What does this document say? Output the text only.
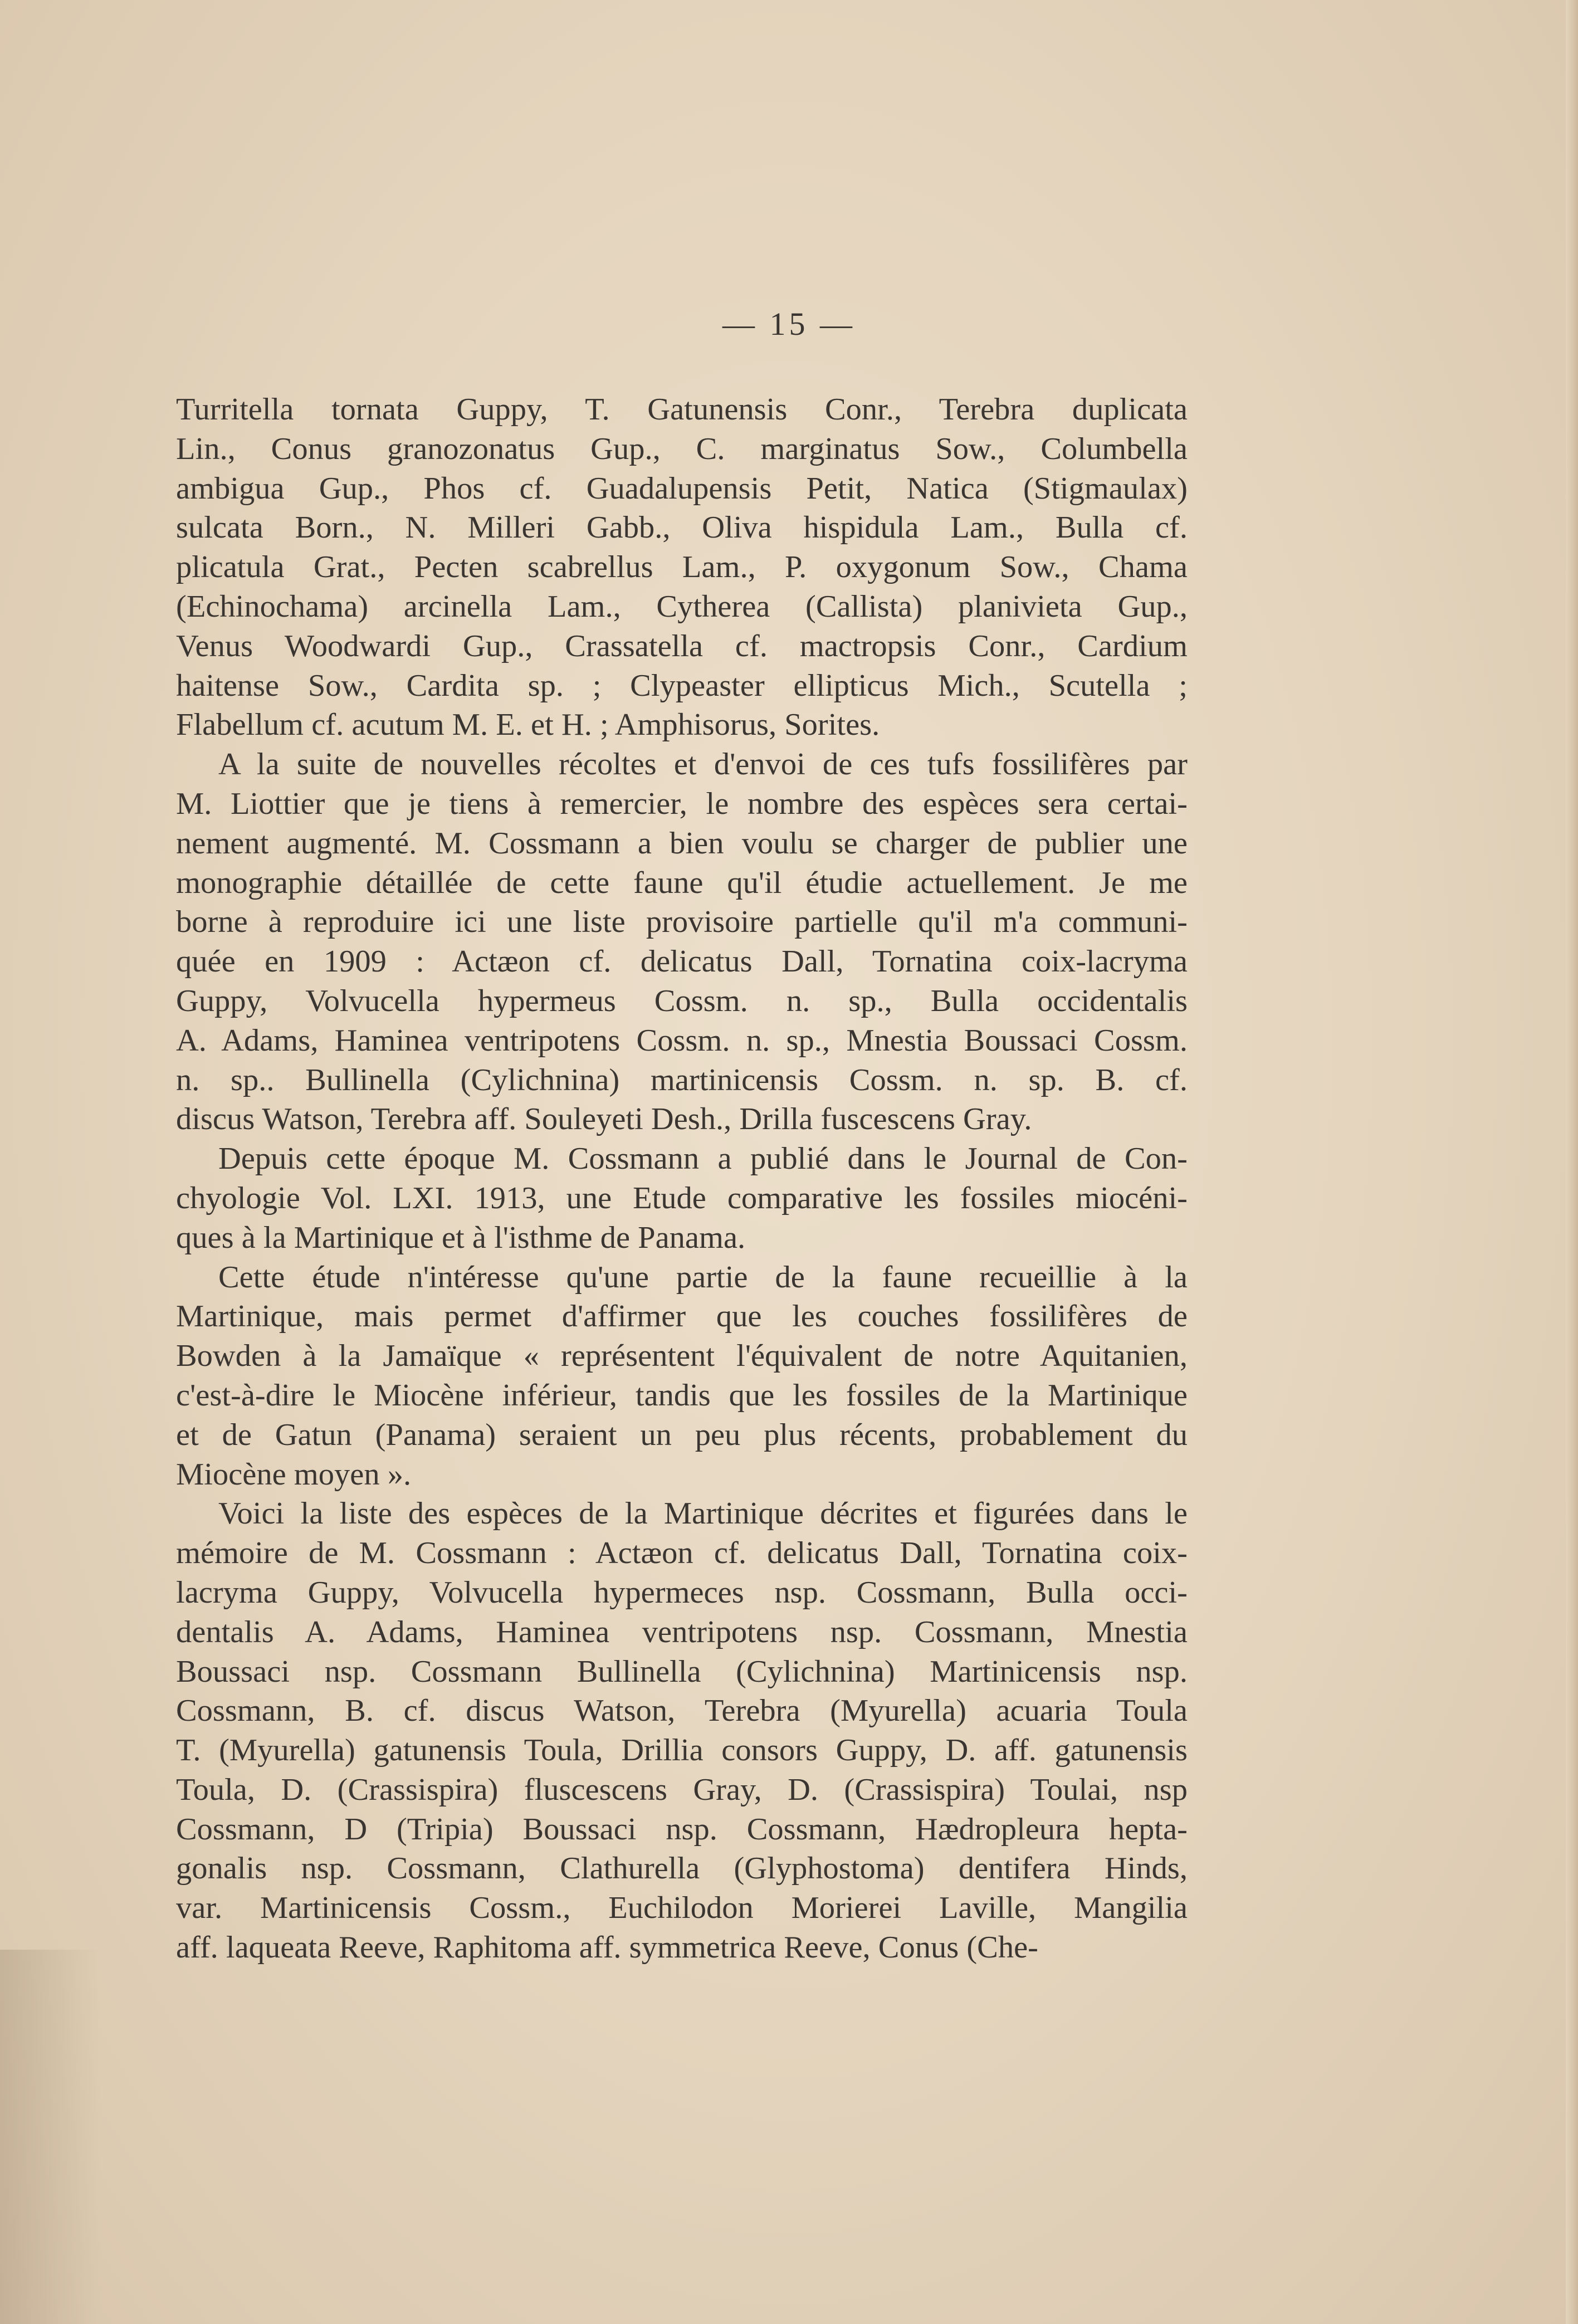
— 15 —
Turritella tornata Guppy, T. Gatunensis Conr., Terebra duplicata
Lin., Conus granozonatus Gup., C. marginatus Sow., Columbella
ambigua Gup., Phos cf. Guadalupensis Petit, Natica (Stigmaulax)
sulcata Born., N. Milleri Gabb., Oliva hispidula Lam., Bulla cf.
plicatula Grat., Pecten scabrellus Lam., P. oxygonum Sow., Chama
(Echinochama) arcinella Lam., Cytherea (Callista) planivieta Gup.,
Venus Woodwardi Gup., Crassatella cf. mactropsis Conr., Cardium
haitense Sow., Cardita sp. ; Clypeaster ellipticus Mich., Scutella ;
Flabellum cf. acutum M. E. et H. ; Amphisorus, Sorites.
A la suite de nouvelles récoltes et d'envoi de ces tufs fossilifères par
M. Liottier que je tiens à remercier, le nombre des espèces sera certai-
nement augmenté. M. Cossmann a bien voulu se charger de publier une
monographie détaillée de cette faune qu'il étudie actuellement. Je me
borne à reproduire ici une liste provisoire partielle qu'il m'a communi-
quée en 1909 : Actæon cf. delicatus Dall, Tornatina coix-lacryma
Guppy, Volvucella hypermeus Cossm. n. sp., Bulla occidentalis
A. Adams, Haminea ventripotens Cossm. n. sp., Mnestia Boussaci Cossm.
n. sp.. Bullinella (Cylichnina) martinicensis Cossm. n. sp. B. cf.
discus Watson, Terebra aff. Souleyeti Desh., Drilla fuscescens Gray.
Depuis cette époque M. Cossmann a publié dans le Journal de Con-
chyologie Vol. LXI. 1913, une Etude comparative les fossiles miocéni-
ques à la Martinique et à l'isthme de Panama.
Cette étude n'intéresse qu'une partie de la faune recueillie à la
Martinique, mais permet d'affirmer que les couches fossilifères de
Bowden à la Jamaïque « représentent l'équivalent de notre Aquitanien,
c'est-à-dire le Miocène inférieur, tandis que les fossiles de la Martinique
et de Gatun (Panama) seraient un peu plus récents, probablement du
Miocène moyen ».
Voici la liste des espèces de la Martinique décrites et figurées dans le
mémoire de M. Cossmann : Actæon cf. delicatus Dall, Tornatina coix-
lacryma Guppy, Volvucella hypermeces nsp. Cossmann, Bulla occi-
dentalis A. Adams, Haminea ventripotens nsp. Cossmann, Mnestia
Boussaci nsp. Cossmann Bullinella (Cylichnina) Martinicensis nsp.
Cossmann, B. cf. discus Watson, Terebra (Myurella) acuaria Toula
T. (Myurella) gatunensis Toula, Drillia consors Guppy, D. aff. gatunensis
Toula, D. (Crassispira) fluscescens Gray, D. (Crassispira) Toulai, nsp
Cossmann, D (Tripia) Boussaci nsp. Cossmann, Hædropleura hepta-
gonalis nsp. Cossmann, Clathurella (Glyphostoma) dentifera Hinds,
var. Martinicensis Cossm., Euchilodon Morierei Laville, Mangilia
aff. laqueata Reeve, Raphitoma aff. symmetrica Reeve, Conus (Che-
